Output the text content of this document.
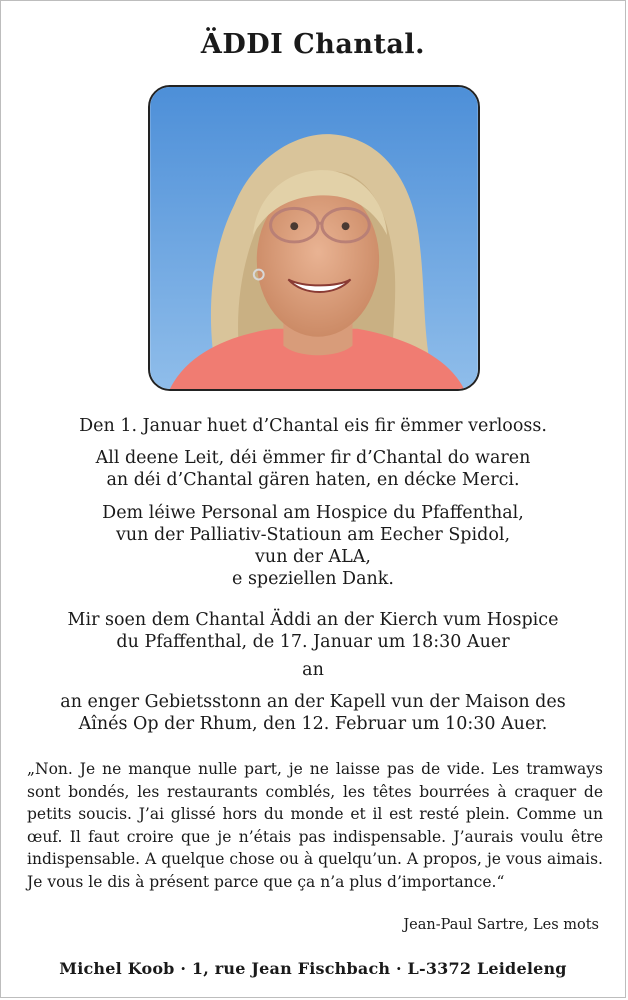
ÄDDI Chantal.
Den 1. Januar huet d’Chantal eis fir ëmmer verlooss.
All deene Leit, déi ëmmer fir d’Chantal do waren
an déi d’Chantal gären haten, en décke Merci.
Dem léiwe Personal am Hospice du Pfaffenthal,
vun der Palliativ-Statioun am Eecher Spidol,
vun der ALA,
e speziellen Dank.
Mir soen dem Chantal Äddi an der Kierch vum Hospice
du Pfaffenthal, de 17. Januar um 18:30 Auer
an
an enger Gebietsstonn an der Kapell vun der Maison des
Aînés Op der Rhum, den 12. Februar um 10:30 Auer.
„Non. Je ne manque nulle part, je ne laisse pas de vide. Les tramways sont bondés, les restaurants comblés, les têtes bourrées à craquer de petits soucis. J’ai glissé hors du monde et il est resté plein. Comme un œuf. Il faut croire que je n’étais pas indispensable. J’aurais voulu être indispensable. A quelque chose ou à quelqu’un. A propos, je vous aimais. Je vous le dis à présent parce que ça n’a plus d’importance.“
Jean-Paul Sartre, Les mots
Michel Koob · 1, rue Jean Fischbach · L-3372 Leideleng
